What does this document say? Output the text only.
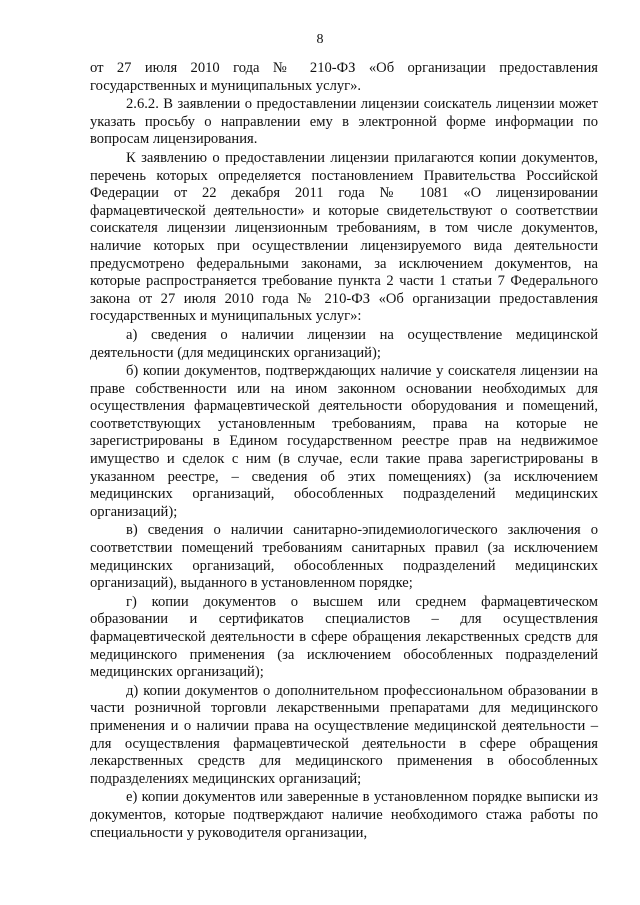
8

от 27 июля 2010 года № 210-ФЗ «Об организации предоставления государственных и муниципальных услуг».

2.6.2. В заявлении о предоставлении лицензии соискатель лицензии может указать просьбу о направлении ему в электронной форме информации по вопросам лицензирования.

К заявлению о предоставлении лицензии прилагаются копии документов, перечень которых определяется постановлением Правительства Российской Федерации от 22 декабря 2011 года № 1081 «О лицензировании фармацевтической деятельности» и которые свидетельствуют о соответствии соискателя лицензии лицензионным требованиям, в том числе документов, наличие которых при осуществлении лицензируемого вида деятельности предусмотрено федеральными законами, за исключением документов, на которые распространяется требование пункта 2 части 1 статьи 7 Федерального закона от 27 июля 2010 года № 210-ФЗ «Об организации предоставления государственных и муниципальных услуг»:

а) сведения о наличии лицензии на осуществление медицинской деятельности (для медицинских организаций);

б) копии документов, подтверждающих наличие у соискателя лицензии на праве собственности или на ином законном основании необходимых для осуществления фармацевтической деятельности оборудования и помещений, соответствующих установленным требованиям, права на которые не зарегистрированы в Едином государственном реестре прав на недвижимое имущество и сделок с ним (в случае, если такие права зарегистрированы в указанном реестре, – сведения об этих помещениях) (за исключением медицинских организаций, обособленных подразделений медицинских организаций);

в) сведения о наличии санитарно-эпидемиологического заключения о соответствии помещений требованиям санитарных правил (за исключением медицинских организаций, обособленных подразделений медицинских организаций), выданного в установленном порядке;

г) копии документов о высшем или среднем фармацевтическом образовании и сертификатов специалистов – для осуществления фармацевтической деятельности в сфере обращения лекарственных средств для медицинского применения (за исключением обособленных подразделений медицинских организаций);

д) копии документов о дополнительном профессиональном образовании в части розничной торговли лекарственными препаратами для медицинского применения и о наличии права на осуществление медицинской деятельности – для осуществления фармацевтической деятельности в сфере обращения лекарственных средств для медицинского применения в обособленных подразделениях медицинских организаций;

е) копии документов или заверенные в установленном порядке выписки из документов, которые подтверждают наличие необходимого стажа работы по специальности у руководителя организации,
